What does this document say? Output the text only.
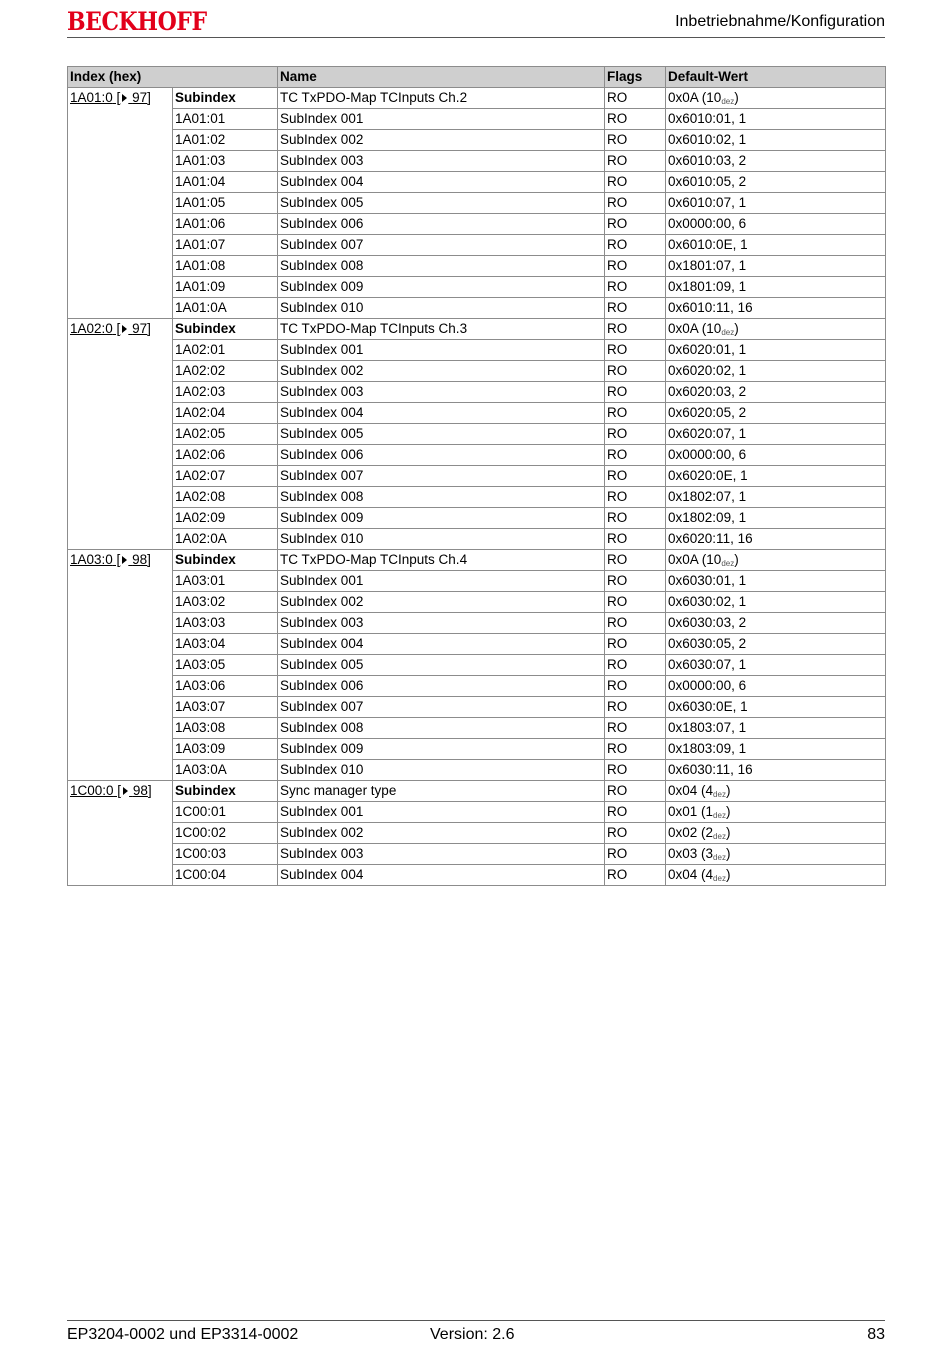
BECKHOFF	Inbetriebnahme/Konfiguration
Index (hex)		Name	Flags	Default-Wert
1A01:0 [ 97]	Subindex	TC TxPDO-Map TCInputs Ch.2	RO	0x0A $(10_{dez})$
	1A01:01	SubIndex 001	RO	0x6010:01, 1
	1A01:02	SubIndex 002	RO	0x6010:02, 1
	1A01:03	SubIndex 003	RO	0x6010:03, 2
	1A01:04	SubIndex 004	RO	0x6010:05, 2
	1A01:05	SubIndex 005	RO	0x6010:07, 1
	1A01:06	SubIndex 006	RO	0x0000:00, 6
	1A01:07	SubIndex 007	RO	0x6010:0E, 1
	1A01:08	SubIndex 008	RO	0x1801:07, 1
	1A01:09	SubIndex 009	RO	0x1801:09, 1
	1A01:0A	SubIndex 010	RO	0x6010:11, 16
1A02:0 [ 97]	Subindex	TC TxPDO-Map TCInputs Ch.3	RO	0x0A $(10_{dez})$
	1A02:01	SubIndex 001	RO	0x6020:01, 1
	1A02:02	SubIndex 002	RO	0x6020:02, 1
	1A02:03	SubIndex 003	RO	0x6020:03, 2
	1A02:04	SubIndex 004	RO	0x6020:05, 2
	1A02:05	SubIndex 005	RO	0x6020:07, 1
	1A02:06	SubIndex 006	RO	0x0000:00, 6
	1A02:07	SubIndex 007	RO	0x6020:0E, 1
	1A02:08	SubIndex 008	RO	0x1802:07, 1
	1A02:09	SubIndex 009	RO	0x1802:09, 1
	1A02:0A	SubIndex 010	RO	0x6020:11, 16
1A03:0 [ 98]	Subindex	TC TxPDO-Map TCInputs Ch.4	RO	0x0A $(10_{dez})$
	1A03:01	SubIndex 001	RO	0x6030:01, 1
	1A03:02	SubIndex 002	RO	0x6030:02, 1
	1A03:03	SubIndex 003	RO	0x6030:03, 2
	1A03:04	SubIndex 004	RO	0x6030:05, 2
	1A03:05	SubIndex 005	RO	0x6030:07, 1
	1A03:06	SubIndex 006	RO	0x0000:00, 6
	1A03:07	SubIndex 007	RO	0x6030:0E, 1
	1A03:08	SubIndex 008	RO	0x1803:07, 1
	1A03:09	SubIndex 009	RO	0x1803:09, 1
	1A03:0A	SubIndex 010	RO	0x6030:11, 16
1C00:0 [ 98]	Subindex	Sync manager type	RO	0x04 $(4_{dez})$
	1C00:01	SubIndex 001	RO	0x01 $(1_{dez})$
	1C00:02	SubIndex 002	RO	0x02 $(2_{dez})$
	1C00:03	SubIndex 003	RO	0x03 $(3_{dez})$
	1C00:04	SubIndex 004	RO	0x04 $(4_{dez})$
EP3204-0002 und EP3314-0002	Version: 2.6	83
